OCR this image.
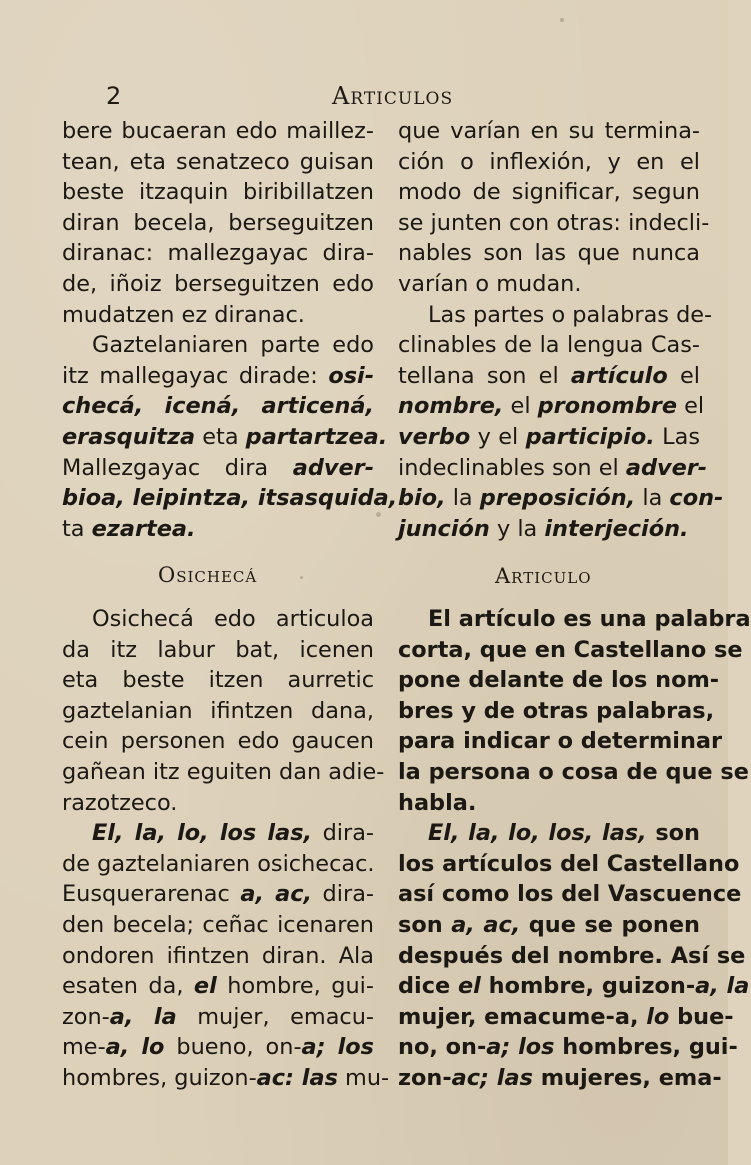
2	Articulos
bere bucaeran edo maillez-
tean, eta senatzeco guisan
beste itzaquin biribillatzen
diran becela, berseguitzen
diranac: mallezgayac dira-
de, iñoiz berseguitzen edo
mudatzen ez diranac.
Gaztelaniaren parte edo
itz mallegayac dirade: osi-
checá, icená, articená,
erasquitza eta partartzea.
Mallezgayac dira adver-
bioa, leipintza, itsasquida,
ta ezartea.
que varían en su termina-
ción o inflexión, y en el
modo de significar, segun
se junten con otras: indecli-
nables son las que nunca
varían o mudan.
Las partes o palabras de-
clinables de la lengua Cas-
tellana son el artículo el
nombre, el pronombre el
verbo y el participio. Las
indeclinables son el adver-
bio, la preposición, la con-
junción y la interjeción.
Osichecá	Articulo
Osichecá edo articuloa
da itz labur bat, icenen
eta beste itzen aurretic
gaztelanian ifintzen dana,
cein personen edo gaucen
gañean itz eguiten dan adie-
razotzeco.
El, la, lo, los las, dira-
de gaztelaniaren osichecac.
Eusquerarenac a, ac, dira-
den becela; ceñac icenaren
ondoren ifintzen diran. Ala
esaten da, el hombre, gui-
zon-a, la mujer, emacu-
me-a, lo bueno, on-a; los
hombres, guizon-ac: las mu-
El artículo es una palabra
corta, que en Castellano se
pone delante de los nom-
bres y de otras palabras,
para indicar o determinar
la persona o cosa de que se
habla.
El, la, lo, los, las, son
los artículos del Castellano
así como los del Vascuence
son a, ac, que se ponen
después del nombre. Así se
dice el hombre, guizon-a, la
mujer, emacume-a, lo bue-
no, on-a; los hombres, gui-
zon-ac; las mujeres, ema-
